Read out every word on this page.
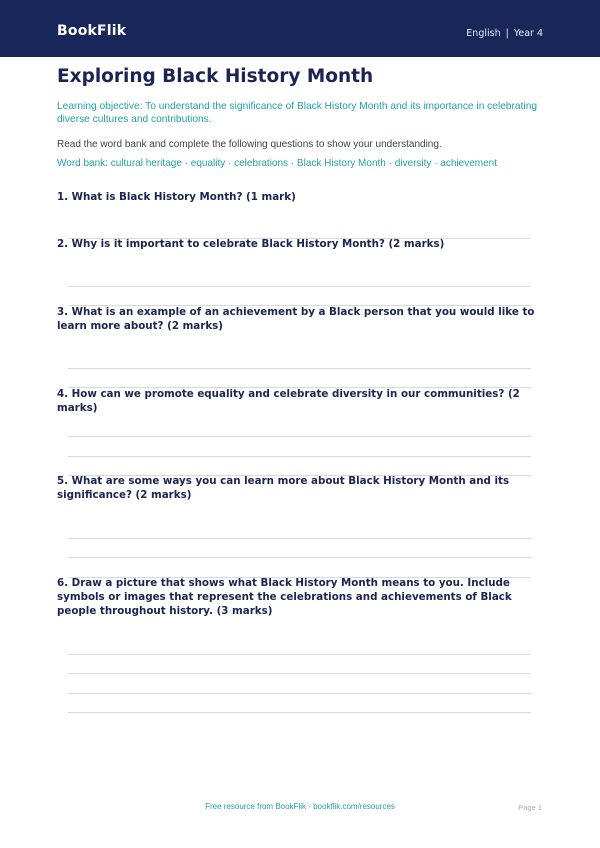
BookFlik	English | Year 4
Exploring Black History Month
Learning objective: To understand the significance of Black History Month and its importance in celebrating diverse cultures and contributions.
Read the word bank and complete the following questions to show your understanding.
Word bank: cultural heritage · equality · celebrations · Black History Month · diversity · achievement
1. What is Black History Month? (1 mark)
2. Why is it important to celebrate Black History Month? (2 marks)
3. What is an example of an achievement by a Black person that you would like to learn more about? (2 marks)
4. How can we promote equality and celebrate diversity in our communities? (2 marks)
5. What are some ways you can learn more about Black History Month and its significance? (2 marks)
6. Draw a picture that shows what Black History Month means to you. Include symbols or images that represent the celebrations and achievements of Black people throughout history. (3 marks)
Free resource from BookFlik · bookflik.com/resources	Page 1
